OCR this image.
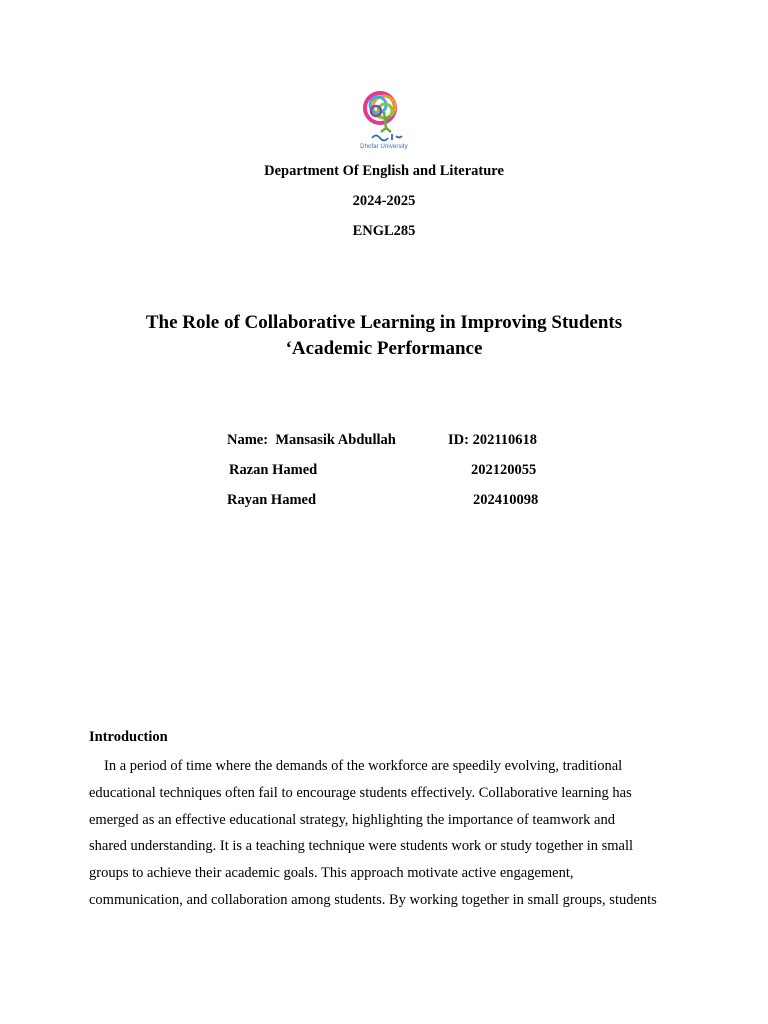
Dhofar University
Department Of English and Literature
2024-2025
ENGL285
The Role of Collaborative Learning in Improving Students
‘Academic Performance
Name: Mansasik Abdullah	ID: 202110618
Razan Hamed	202120055
Rayan Hamed	202410098
Introduction
In a period of time where the demands of the workforce are speedily evolving, traditional
educational techniques often fail to encourage students effectively. Collaborative learning has
emerged as an effective educational strategy, highlighting the importance of teamwork and
shared understanding. It is a teaching technique were students work or study together in small
groups to achieve their academic goals. This approach motivate active engagement,
communication, and collaboration among students. By working together in small groups, students
